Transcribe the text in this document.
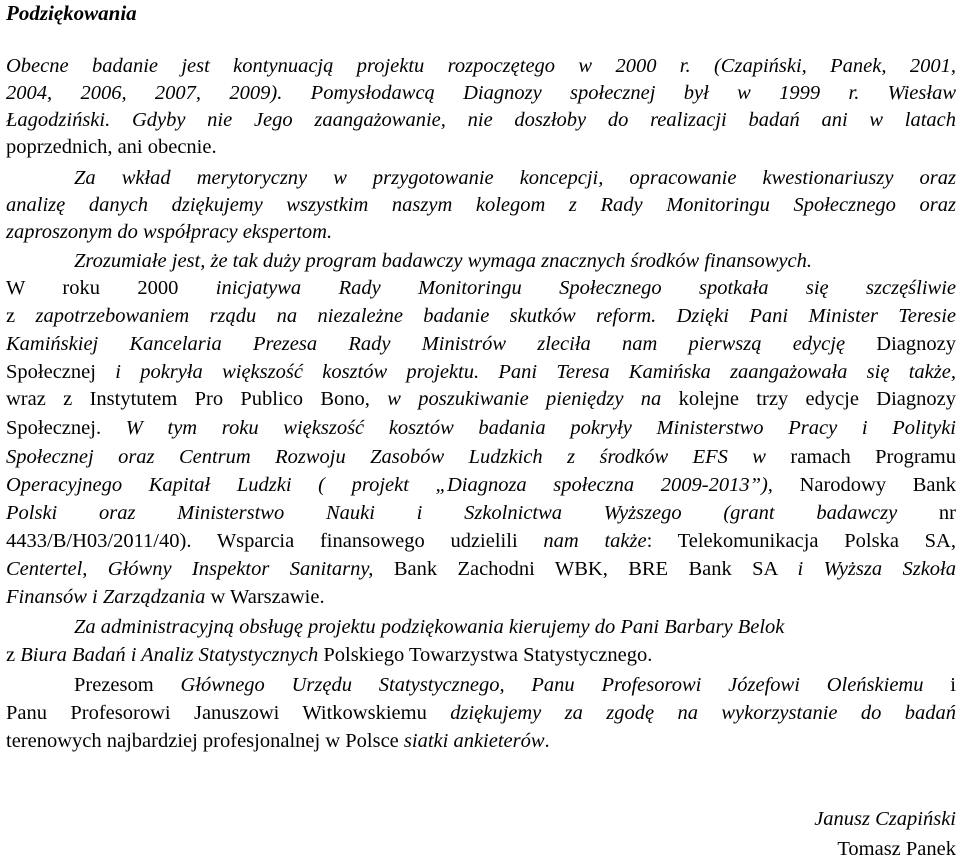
Podziękowania
Obecne badanie jest kontynuacją projektu rozpoczętego w 2000 r. (Czapiński, Panek, 2001,
2004, 2006, 2007, 2009). Pomysłodawcą Diagnozy społecznej był w 1999 r. Wiesław
Łagodziński. Gdyby nie Jego zaangażowanie, nie doszłoby do realizacji badań ani w latach
poprzednich, ani obecnie.
Za wkład merytoryczny w przygotowanie koncepcji, opracowanie kwestionariuszy oraz
analizę danych dziękujemy wszystkim naszym kolegom z Rady Monitoringu Społecznego oraz
zaproszonym do współpracy ekspertom.
Zrozumiałe jest, że tak duży program badawczy wymaga znacznych środków finansowych.
W roku 2000 inicjatywa Rady Monitoringu Społecznego spotkała się szczęśliwie
z zapotrzebowaniem rządu na niezależne badanie skutków reform. Dzięki Pani Minister Teresie
Kamińskiej Kancelaria Prezesa Rady Ministrów zleciła nam pierwszą edycję Diagnozy
Społecznej i pokryła większość kosztów projektu. Pani Teresa Kamińska zaangażowała się także,
wraz z Instytutem Pro Publico Bono, w poszukiwanie pieniędzy na kolejne trzy edycje Diagnozy
Społecznej. W tym roku większość kosztów badania pokryły Ministerstwo Pracy i Polityki
Społecznej oraz Centrum Rozwoju Zasobów Ludzkich z środków EFS w ramach Programu
Operacyjnego Kapitał Ludzki ( projekt „Diagnoza społeczna 2009-2013”), Narodowy Bank
Polski oraz Ministerstwo Nauki i Szkolnictwa Wyższego (grant badawczy nr
4433/B/H03/2011/40). Wsparcia finansowego udzielili nam także: Telekomunikacja Polska SA,
Centertel, Główny Inspektor Sanitarny, Bank Zachodni WBK, BRE Bank SA i Wyższa Szkoła
Finansów i Zarządzania w Warszawie.
Za administracyjną obsługę projektu podziękowania kierujemy do Pani Barbary Belok
z Biura Badań i Analiz Statystycznych Polskiego Towarzystwa Statystycznego.
Prezesom Głównego Urzędu Statystycznego, Panu Profesorowi Józefowi Oleńskiemu i
Panu Profesorowi Januszowi Witkowskiemu dziękujemy za zgodę na wykorzystanie do badań
terenowych najbardziej profesjonalnej w Polsce siatki ankieterów.
Janusz Czapiński
Tomasz Panek
